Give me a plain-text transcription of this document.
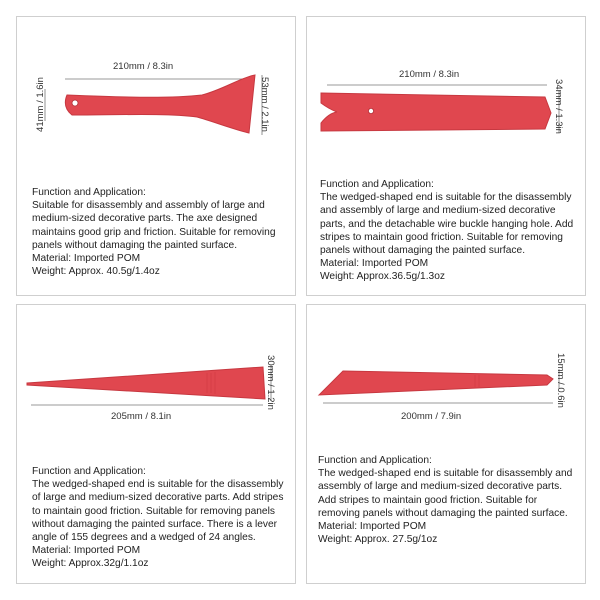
210mm / 8.3in
41mm / 1.6in	53mm / 2.1in
Function and Application:
Suitable for disassembly and assembly of large and medium-sized decorative parts. The axe designed maintains good grip and friction. Suitable for removing panels without damaging the painted surface.
Material: Imported POM
Weight: Approx. 40.5g/1.4oz
210mm / 8.3in
34mm / 1.3in
Function and Application:
The wedged-shaped end is suitable for the disassembly and assembly of large and medium-sized decorative parts, and the detachable wire buckle hanging hole. Add stripes to maintain good friction. Suitable for removing panels without damaging the painted surface.
Material: Imported POM
Weight: Approx.36.5g/1.3oz
205mm / 8.1in
30mm / 1.2in
Function and Application:
The wedged-shaped end is suitable for the disassembly of large and medium-sized decorative parts. Add stripes to maintain good friction. Suitable for removing panels without damaging the painted surface. There is a lever angle of 155 degrees and a wedged of 24 angles.
Material: Imported POM
Weight: Approx.32g/1.1oz
200mm / 7.9in
15mm / 0.6in
Function and Application:
The wedged-shaped end is suitable for disassembly and assembly of large and medium-sized decorative parts. Add stripes to maintain good friction. Suitable for removing panels without damaging the painted surface.
Material: Imported POM
Weight: Approx. 27.5g/1oz
